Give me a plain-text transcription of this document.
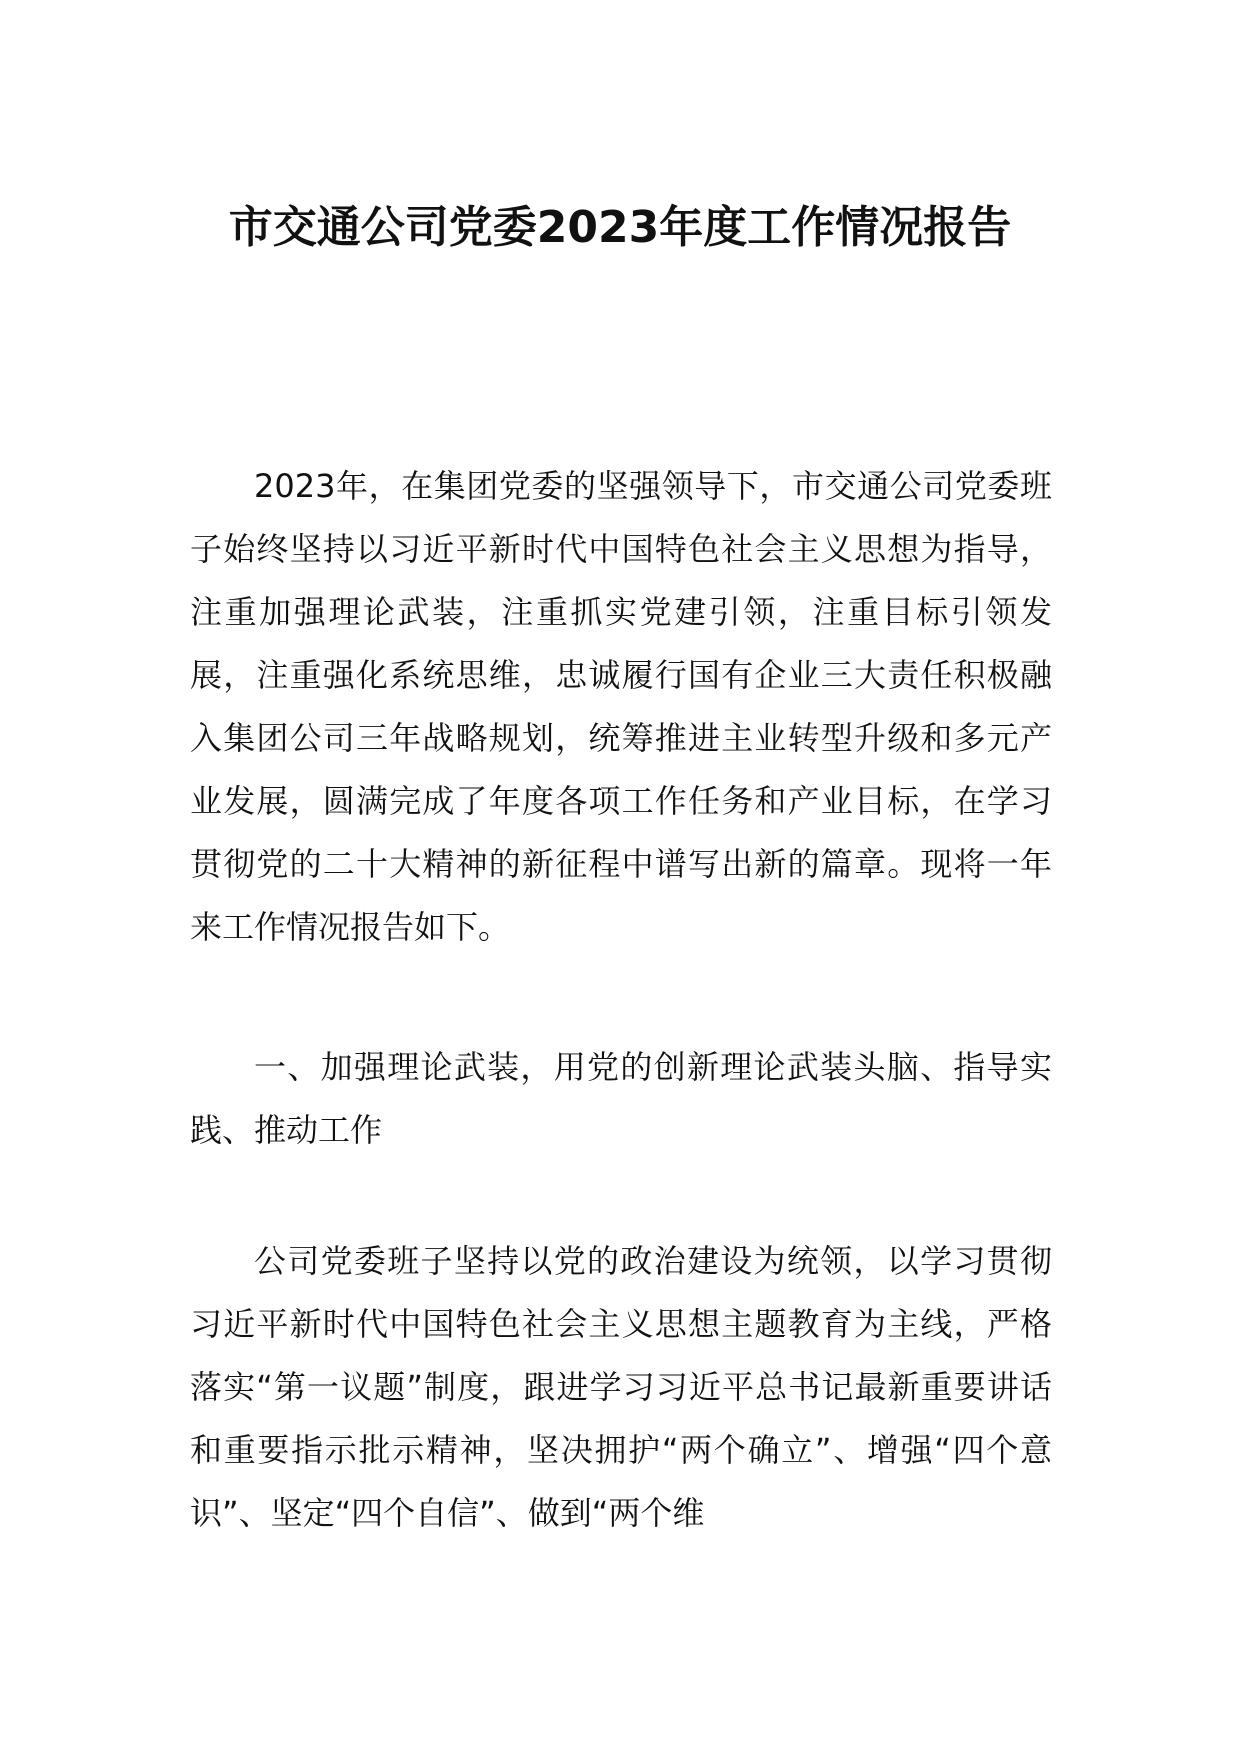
市交通公司党委2023年度工作情况报告

2023年，在集团党委的坚强领导下，市交通公司党委班子始终坚持以习近平新时代中国特色社会主义思想为指导，注重加强理论武装，注重抓实党建引领，注重目标引领发展，注重强化系统思维，忠诚履行国有企业三大责任积极融入集团公司三年战略规划，统筹推进主业转型升级和多元产业发展，圆满完成了年度各项工作任务和产业目标，在学习贯彻党的二十大精神的新征程中谱写出新的篇章。现将一年来工作情况报告如下。

一、加强理论武装，用党的创新理论武装头脑、指导实践、推动工作

公司党委班子坚持以党的政治建设为统领，以学习贯彻习近平新时代中国特色社会主义思想主题教育为主线，严格落实“第一议题”制度，跟进学习习近平总书记最新重要讲话和重要指示批示精神，坚决拥护“两个确立”、增强“四个意识”、坚定“四个自信”、做到“两个维
